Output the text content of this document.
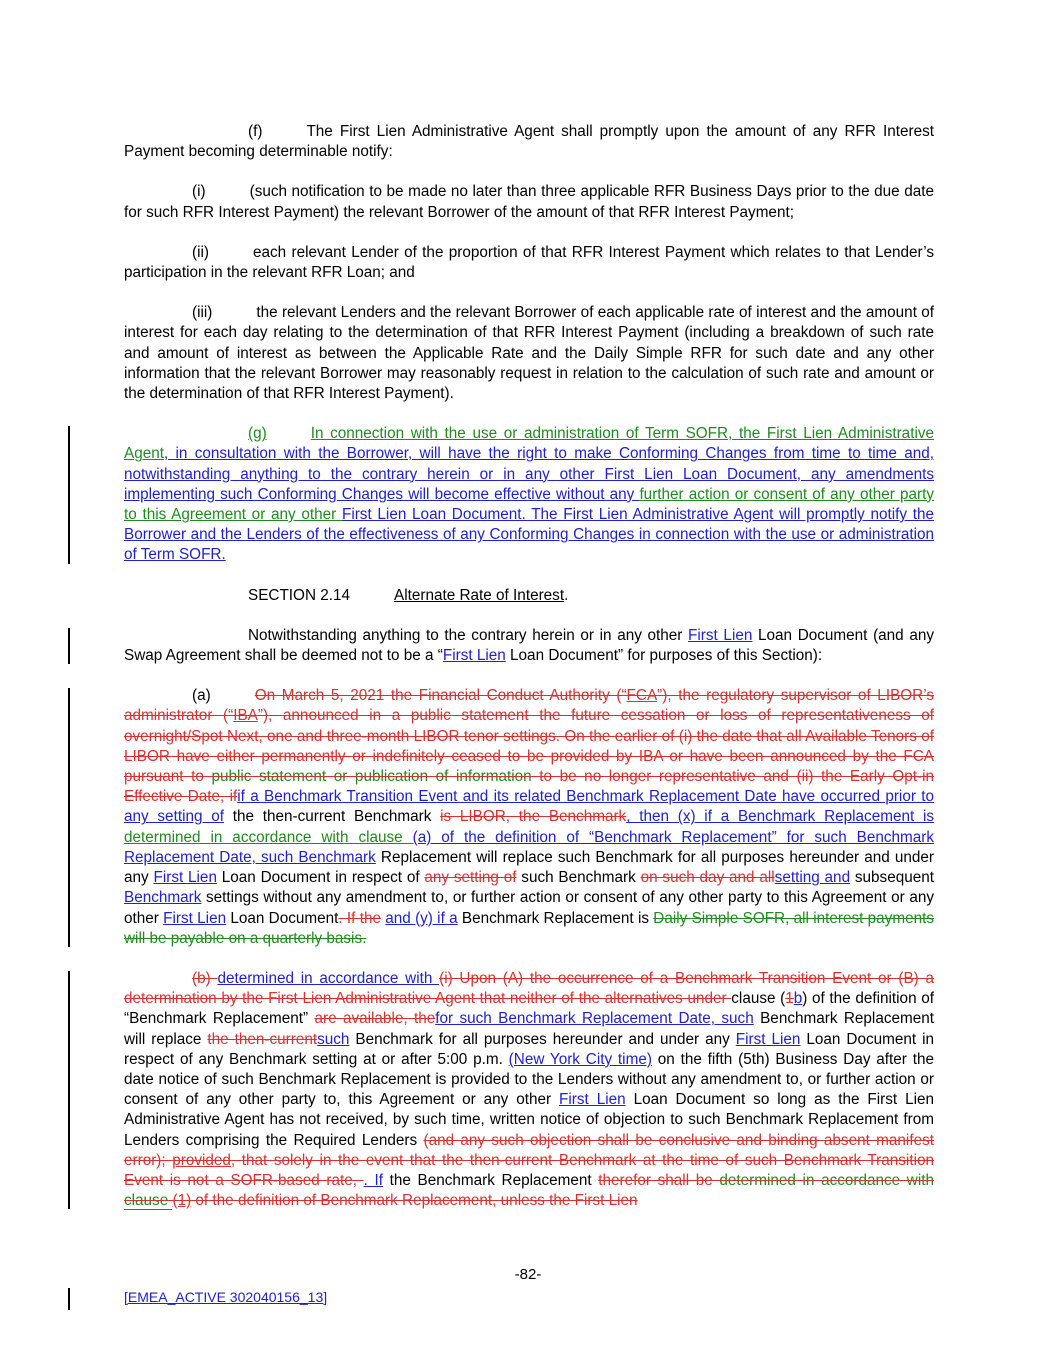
(f)	The First Lien Administrative Agent shall promptly upon the amount of any RFR Interest Payment becoming determinable notify:

(i)	(such notification to be made no later than three applicable RFR Business Days prior to the due date for such RFR Interest Payment) the relevant Borrower of the amount of that RFR Interest Payment;

(ii)	each relevant Lender of the proportion of that RFR Interest Payment which relates to that Lender’s participation in the relevant RFR Loan; and

(iii)	the relevant Lenders and the relevant Borrower of each applicable rate of interest and the amount of interest for each day relating to the determination of that RFR Interest Payment (including a breakdown of such rate and amount of interest as between the Applicable Rate and the Daily Simple RFR for such date and any other information that the relevant Borrower may reasonably request in relation to the calculation of such rate and amount or the determination of that RFR Interest Payment).

(g)	In connection with the use or administration of Term SOFR, the First Lien Administrative Agent, in consultation with the Borrower, will have the right to make Conforming Changes from time to time and, notwithstanding anything to the contrary herein or in any other First Lien Loan Document, any amendments implementing such Conforming Changes will become effective without any further action or consent of any other party to this Agreement or any other First Lien Loan Document. The First Lien Administrative Agent will promptly notify the Borrower and the Lenders of the effectiveness of any Conforming Changes in connection with the use or administration of Term SOFR.

SECTION 2.14	Alternate Rate of Interest.

Notwithstanding anything to the contrary herein or in any other First Lien Loan Document (and any Swap Agreement shall be deemed not to be a “First Lien Loan Document” for purposes of this Section):

(a)	On March 5, 2021 the Financial Conduct Authority (“FCA”), the regulatory supervisor of LIBOR’s administrator (“IBA”), announced in a public statement the future cessation or loss of representativeness of overnight/Spot Next, one and three-month LIBOR tenor settings. On the earlier of (i) the date that all Available Tenors of LIBOR have either permanently or indefinitely ceased to be provided by IBA or have been announced by the FCA pursuant to public statement or publication of information to be no longer representative and (ii) the Early Opt-in Effective Date, ifif a Benchmark Transition Event and its related Benchmark Replacement Date have occurred prior to any setting of the then-current Benchmark is LIBOR, the Benchmark, then (x) if a Benchmark Replacement is determined in accordance with clause (a) of the definition of “Benchmark Replacement” for such Benchmark Replacement Date, such Benchmark Replacement will replace such Benchmark for all purposes hereunder and under any First Lien Loan Document in respect of any setting of such Benchmark on such day and allsetting and subsequent Benchmark settings without any amendment to, or further action or consent of any other party to this Agreement or any other First Lien Loan Document. If the and (y) if a Benchmark Replacement is Daily Simple SOFR, all interest payments will be payable on a quarterly basis.

(b) determined in accordance with (i) Upon (A) the occurrence of a Benchmark Transition Event or (B) a determination by the First Lien Administrative Agent that neither of the alternatives under clause (1b) of the definition of “Benchmark Replacement” are available, thefor such Benchmark Replacement Date, such Benchmark Replacement will replace the then-currentsuch Benchmark for all purposes hereunder and under any First Lien Loan Document in respect of any Benchmark setting at or after 5:00 p.m. (New York City time) on the fifth (5th) Business Day after the date notice of such Benchmark Replacement is provided to the Lenders without any amendment to, or further action or consent of any other party to, this Agreement or any other First Lien Loan Document so long as the First Lien Administrative Agent has not received, by such time, written notice of objection to such Benchmark Replacement from Lenders comprising the Required Lenders (and any such objection shall be conclusive and binding absent manifest error); provided, that solely in the event that the then-current Benchmark at the time of such Benchmark Transition Event is not a SOFR-based rate, . If the Benchmark Replacement therefor shall be determined in accordance with clause (1) of the definition of Benchmark Replacement, unless the First Lien

-82-
[EMEA_ACTIVE 302040156_13]
